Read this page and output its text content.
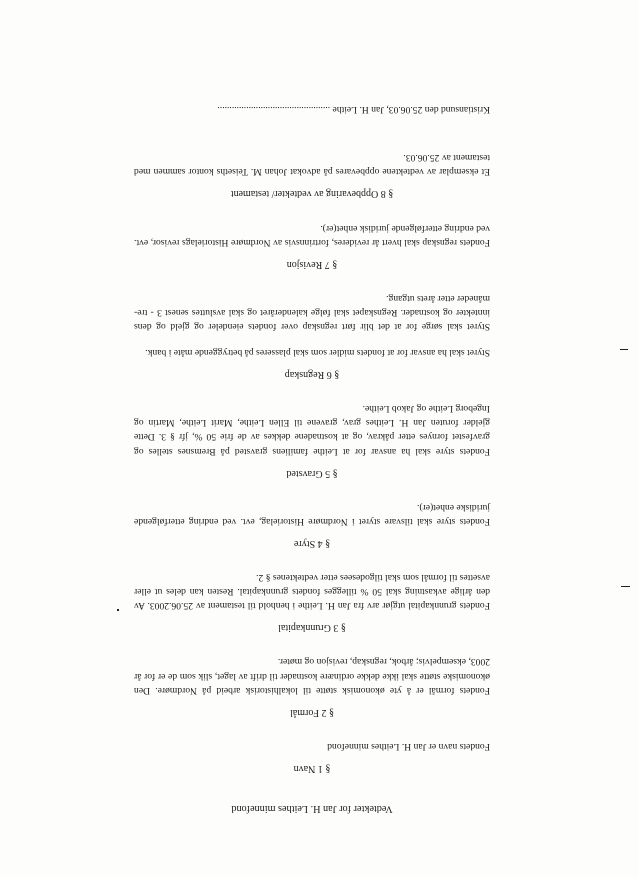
Vedtekter for Jan H. Leithes minnefond
§ 1 Navn
Fondets navn er Jan H. Leithes minnefond
§ 2 Formål
Fondets formål er å yte økonomisk støtte til lokalhistorisk arbeid på Nordmøre. Den økonomiske støtte skal ikke dekke ordinære kostnader til drift av laget, slik som de er for år 2003, eksempelvis; årbok, regnskap, revisjon og møter.
§ 3 Grunnkapital
Fondets grunnkapital utgjør arv fra Jan H. Leithe i henhold til testament av 25.06.2003. Av den årlige avkastning skal 50 % tillegges fondets grunnkapital. Resten kan deles ut eller avsettes til formål som skal tilgodesees etter vedtektenes § 2.
§ 4 Styre
Fondets styre skal tilsvare styret i Nordmøre Historielag, evt. ved endring etterfølgende juridiske enhet(er).
§ 5 Gravsted
Fondets styre skal ha ansvar for at Leithe familiens gravsted på Bremsnes stelles og gravfestet fornyes etter påkrav, og at kostnadene dekkes av de frie 50 %, jfr § 3. Dette gjelder foruten Jan H. Leithes grav, gravene til Ellen Leithe, Marit Leithe, Martin og Ingeborg Leithe og Jakob Leithe.
§ 6 Regnskap
Styret skal ha ansvar for at fondets midler som skal plasseres på betryggende måte i bank.
Styret skal sørge for at det blir ført regnskap over fondets eiendeler og gjeld og dens inntekter og kostnader. Regnskapet skal følge kalenderåret og skal avsluttes senest 3 - tre-måneder etter årets utgang.
§ 7 Revisjon
Fondets regnskap skal hvert år revideres, fortrinnsvis av Nordmøre Historielags revisor, evt. ved endring etterfølgende juridisk enhet(er).
§ 8 Oppbevaring av vedtekter/ testament
Et eksemplar av vedtektene oppbevares på advokat Johan M. Teiseths kontor sammen med testament av 25.06.03.
Kristiansund den 25.06.03, Jan H. Leithe ...............................................
